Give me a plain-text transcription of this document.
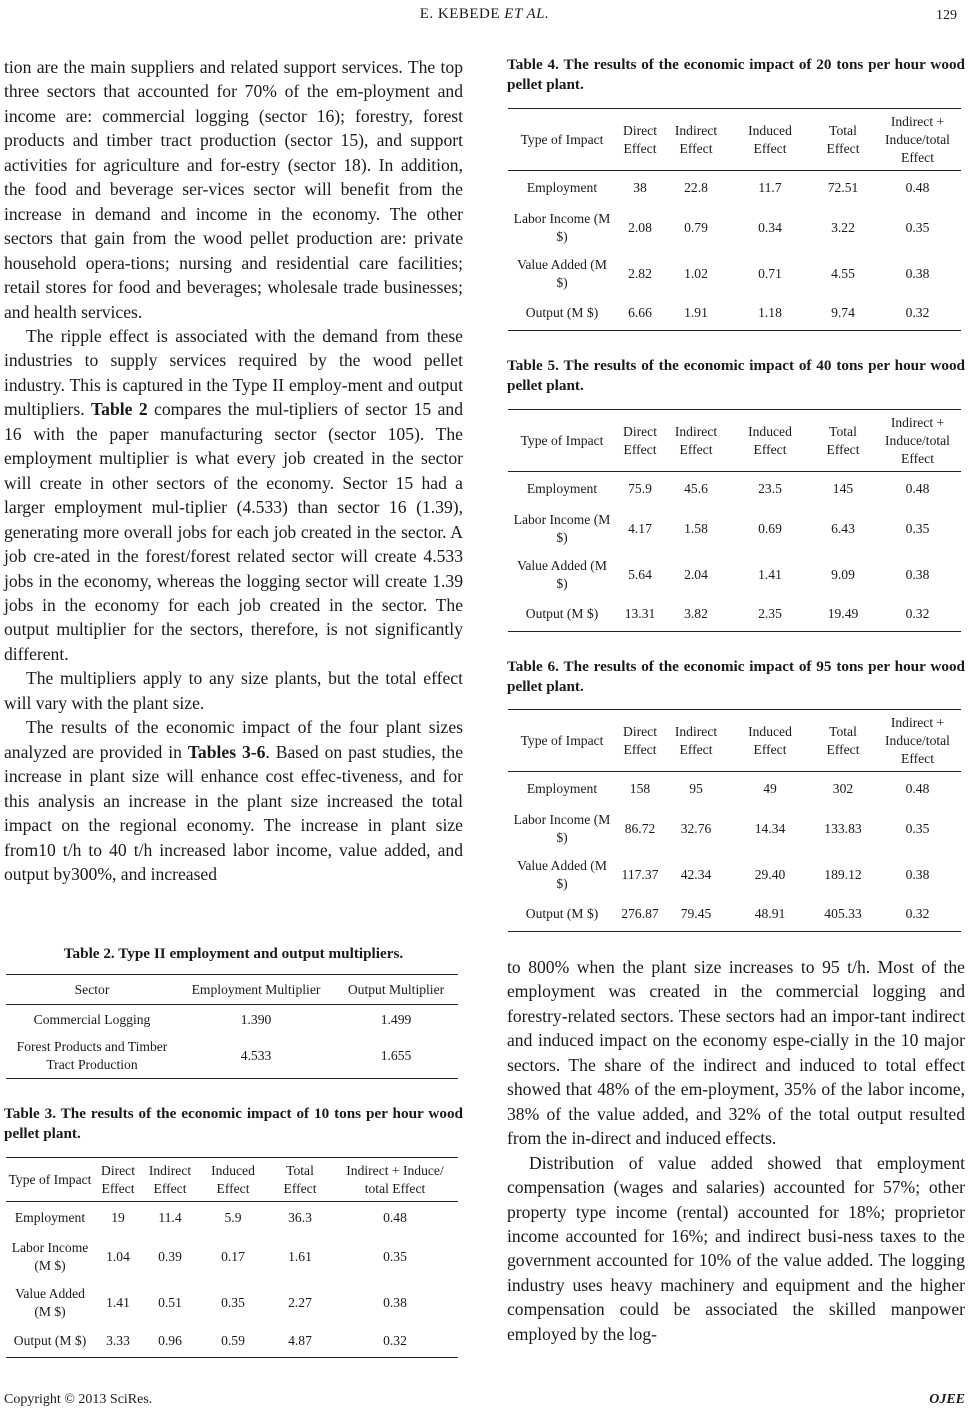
E. KEBEDE ET AL.	129

tion are the main suppliers and related support services. The top three sectors that accounted for 70% of the em-ployment and income are: commercial logging (sector 16); forestry, forest products and timber tract production (sector 15), and support activities for agriculture and for-estry (sector 18). In addition, the food and beverage ser-vices sector will benefit from the increase in demand and income in the economy. The other sectors that gain from the wood pellet production are: private household opera-tions; nursing and residential care facilities; retail stores for food and beverages; wholesale trade businesses; and health services.

The ripple effect is associated with the demand from these industries to supply services required by the wood pellet industry. This is captured in the Type II employ-ment and output multipliers. Table 2 compares the mul-tipliers of sector 15 and 16 with the paper manufacturing sector (sector 105). The employment multiplier is what every job created in the sector will create in other sectors of the economy. Sector 15 had a larger employment mul-tiplier (4.533) than sector 16 (1.39), generating more overall jobs for each job created in the sector. A job cre-ated in the forest/forest related sector will create 4.533 jobs in the economy, whereas the logging sector will create 1.39 jobs in the economy for each job created in the sector. The output multiplier for the sectors, therefore, is not significantly different.

The multipliers apply to any size plants, but the total effect will vary with the plant size.

The results of the economic impact of the four plant sizes analyzed are provided in Tables 3-6. Based on past studies, the increase in plant size will enhance cost effec-tiveness, and for this analysis an increase in the plant size increased the total impact on the regional economy. The increase in plant size from10 t/h to 40 t/h increased labor income, value added, and output by300%, and increased

Table 2. Type II employment and output multipliers.
Sector	Employment Multiplier	Output Multiplier
Commercial Logging	1.390	1.499
Forest Products and Timber Tract Production	4.533	1.655
Table 3. The results of the economic impact of 10 tons per hour wood pellet plant.
Type of Impact	Direct Effect	Indirect Effect	Induced Effect	Total Effect	Indirect + Induce/ total Effect
Employment	19	11.4	5.9	36.3	0.48
Labor Income (M $)	1.04	0.39	0.17	1.61	0.35
Value Added (M $)	1.41	0.51	0.35	2.27	0.38
Output (M $)	3.33	0.96	0.59	4.87	0.32
Table 4. The results of the economic impact of 20 tons per hour wood pellet plant.
Type of Impact	Direct Effect	Indirect Effect	Induced Effect	Total Effect	Indirect + Induce/total Effect
Employment	38	22.8	11.7	72.51	0.48
Labor Income (M $)	2.08	0.79	0.34	3.22	0.35
Value Added (M $)	2.82	1.02	0.71	4.55	0.38
Output (M $)	6.66	1.91	1.18	9.74	0.32
Table 5. The results of the economic impact of 40 tons per hour wood pellet plant.
Type of Impact	Direct Effect	Indirect Effect	Induced Effect	Total Effect	Indirect + Induce/total Effect
Employment	75.9	45.6	23.5	145	0.48
Labor Income (M $)	4.17	1.58	0.69	6.43	0.35
Value Added (M $)	5.64	2.04	1.41	9.09	0.38
Output (M $)	13.31	3.82	2.35	19.49	0.32
Table 6. The results of the economic impact of 95 tons per hour wood pellet plant.
Type of Impact	Direct Effect	Indirect Effect	Induced Effect	Total Effect	Indirect + Induce/total Effect
Employment	158	95	49	302	0.48
Labor Income (M $)	86.72	32.76	14.34	133.83	0.35
Value Added (M $)	117.37	42.34	29.40	189.12	0.38
Output (M $)	276.87	79.45	48.91	405.33	0.32

to 800% when the plant size increases to 95 t/h. Most of the employment was created in the commercial logging and forestry-related sectors. These sectors had an impor-tant indirect and induced impact on the economy espe-cially in the 10 major sectors. The share of the indirect and induced to total effect showed that 48% of the em-ployment, 35% of the labor income, 38% of the value added, and 32% of the total output resulted from the in-direct and induced effects.

Distribution of value added showed that employment compensation (wages and salaries) accounted for 57%; other property type income (rental) accounted for 18%; proprietor income accounted for 16%; and indirect busi-ness taxes to the government accounted for 10% of the value added. The logging industry uses heavy machinery and equipment and the higher compensation could be associated the skilled manpower employed by the log-

Copyright © 2013 SciRes.	OJEE
